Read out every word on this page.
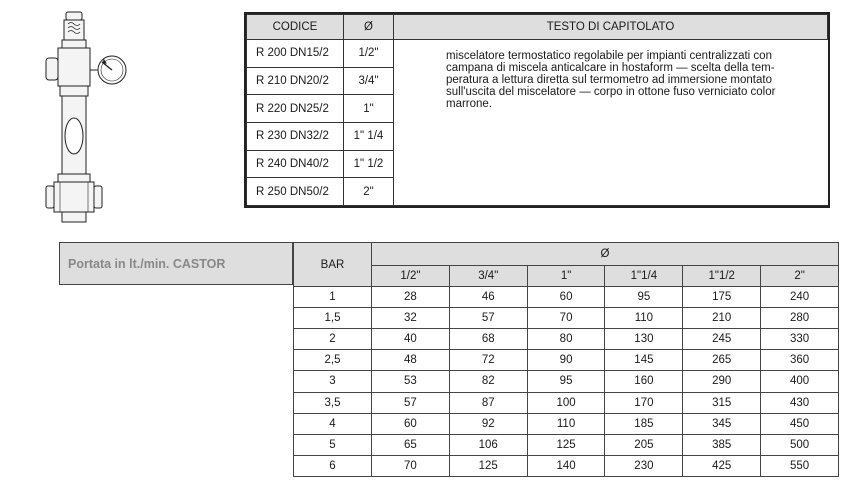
CODICE	Ø	TESTO DI CAPITOLATO
R 200 DN15/2	1/2"	miscelatore termostatico regolabile per impianti centralizzati con
campana di miscela anticalcare in hostaform — scelta della tem-
peratura a lettura diretta sul termometro ad immersione montato
sull'uscita del miscelatore — corpo in ottone fuso verniciato color
marrone.

R 210 DN20/2	3/4"	
R 220 DN25/2	1"	
R 230 DN32/2	1" 1/4	
R 240 DN40/2	1" 1/2	
R 250 DN50/2	2"	
Portata in lt./min. CASTOR	BAR	Ø					
	1/2"	3/4"	1"	1"1/4	1"1/2	2"
1	28	46	60	95	175	240
1,5	32	57	70	110	210	280
2	40	68	80	130	245	330
2,5	48	72	90	145	265	360
3	53	82	95	160	290	400
3,5	57	87	100	170	315	430
4	60	92	110	185	345	450
5	65	106	125	205	385	500
6	70	125	140	230	425	550
